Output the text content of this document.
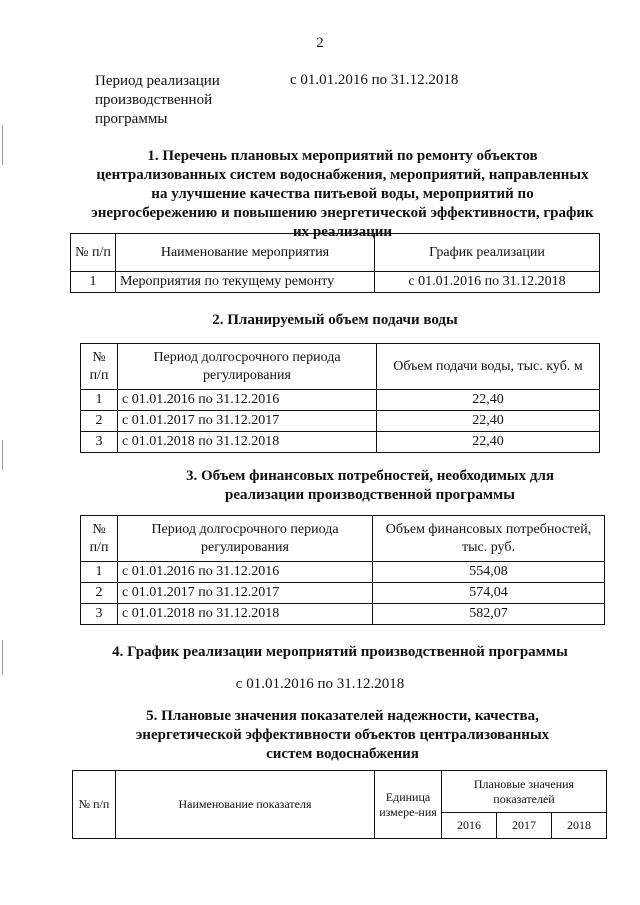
2
Период реализации производственной программы
с 01.01.2016 по 31.12.2018
1. Перечень плановых мероприятий по ремонту объектов централизованных систем водоснабжения, мероприятий, направленных на улучшение качества питьевой воды, мероприятий по энергосбережению и повышению энергетической эффективности, график их реализации
№ п/п	Наименование мероприятия	График реализации
1	Мероприятия по текущему ремонту	с 01.01.2016 по 31.12.2018
2. Планируемый объем подачи воды
№ п/п	Период долгосрочного периода регулирования	Объем подачи воды, тыс. куб. м
1	с 01.01.2016 по 31.12.2016	22,40
2	с 01.01.2017 по 31.12.2017	22,40
3	с 01.01.2018 по 31.12.2018	22,40
3. Объем финансовых потребностей, необходимых для реализации производственной программы
№ п/п	Период долгосрочного периода регулирования	Объем финансовых потребностей, тыс. руб.
1	с 01.01.2016 по 31.12.2016	554,08
2	с 01.01.2017 по 31.12.2017	574,04
3	с 01.01.2018 по 31.12.2018	582,07
4. График реализации мероприятий производственной программы
с 01.01.2016 по 31.12.2018
5. Плановые значения показателей надежности, качества, энергетической эффективности объектов централизованных систем водоснабжения
№ п/п	Наименование показателя	Единица измере-ния	Плановые значения показателей		
			2016	2017	2018
